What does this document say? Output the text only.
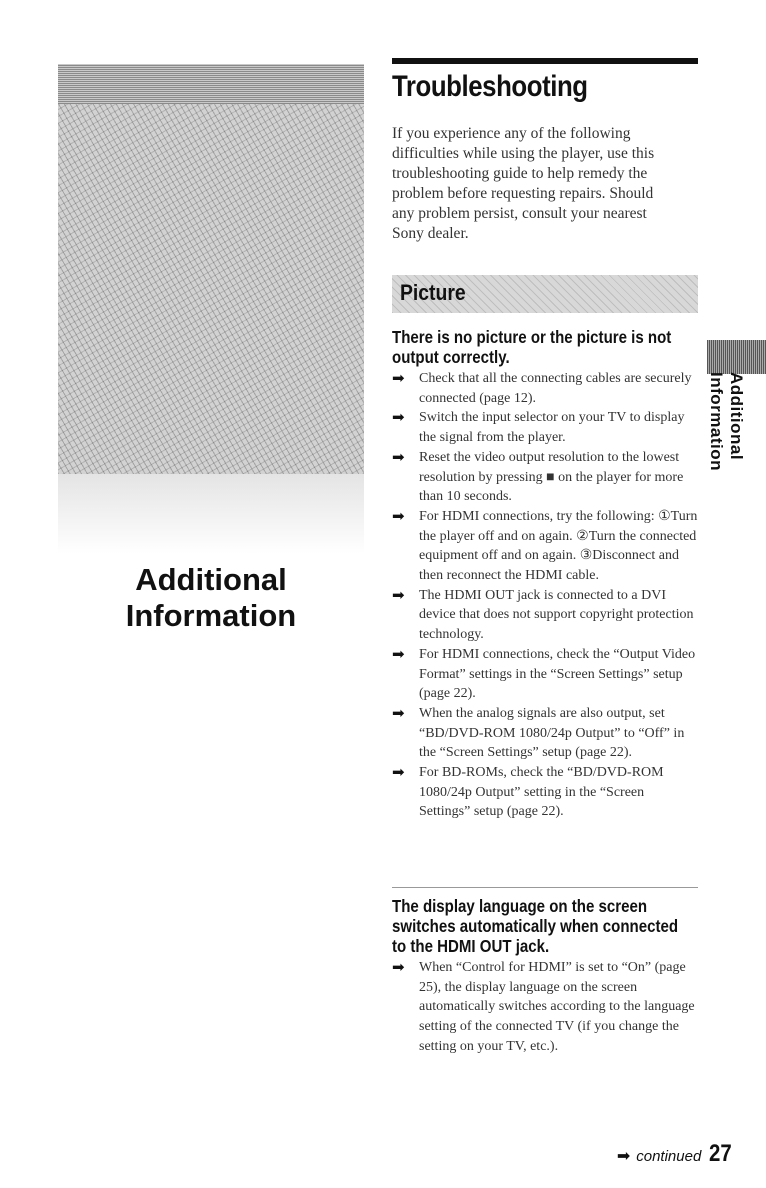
Additional
Information
Troubleshooting
If you experience any of the following difficulties while using the player, use this troubleshooting guide to help remedy the problem before requesting repairs. Should any problem persist, consult your nearest Sony dealer.
Picture
There is no picture or the picture is not output correctly.
➡ Check that all the connecting cables are securely connected (page 12).
➡ Switch the input selector on your TV to display the signal from the player.
➡ Reset the video output resolution to the lowest resolution by pressing ■ on the player for more than 10 seconds.
➡ For HDMI connections, try the following: ①Turn the player off and on again. ②Turn the connected equipment off and on again. ③Disconnect and then reconnect the HDMI cable.
➡ The HDMI OUT jack is connected to a DVI device that does not support copyright protection technology.
➡ For HDMI connections, check the “Output Video Format” settings in the “Screen Settings” setup (page 22).
➡ When the analog signals are also output, set “BD/DVD-ROM 1080/24p Output” to “Off” in the “Screen Settings” setup (page 22).
➡ For BD-ROMs, check the “BD/DVD-ROM 1080/24p Output” setting in the “Screen Settings” setup (page 22).
The display language on the screen switches automatically when connected to the HDMI OUT jack.
➡ When “Control for HDMI” is set to “On” (page 25), the display language on the screen automatically switches according to the language setting of the connected TV (if you change the setting on your TV, etc.).
Additional Information
➡ continued 27
